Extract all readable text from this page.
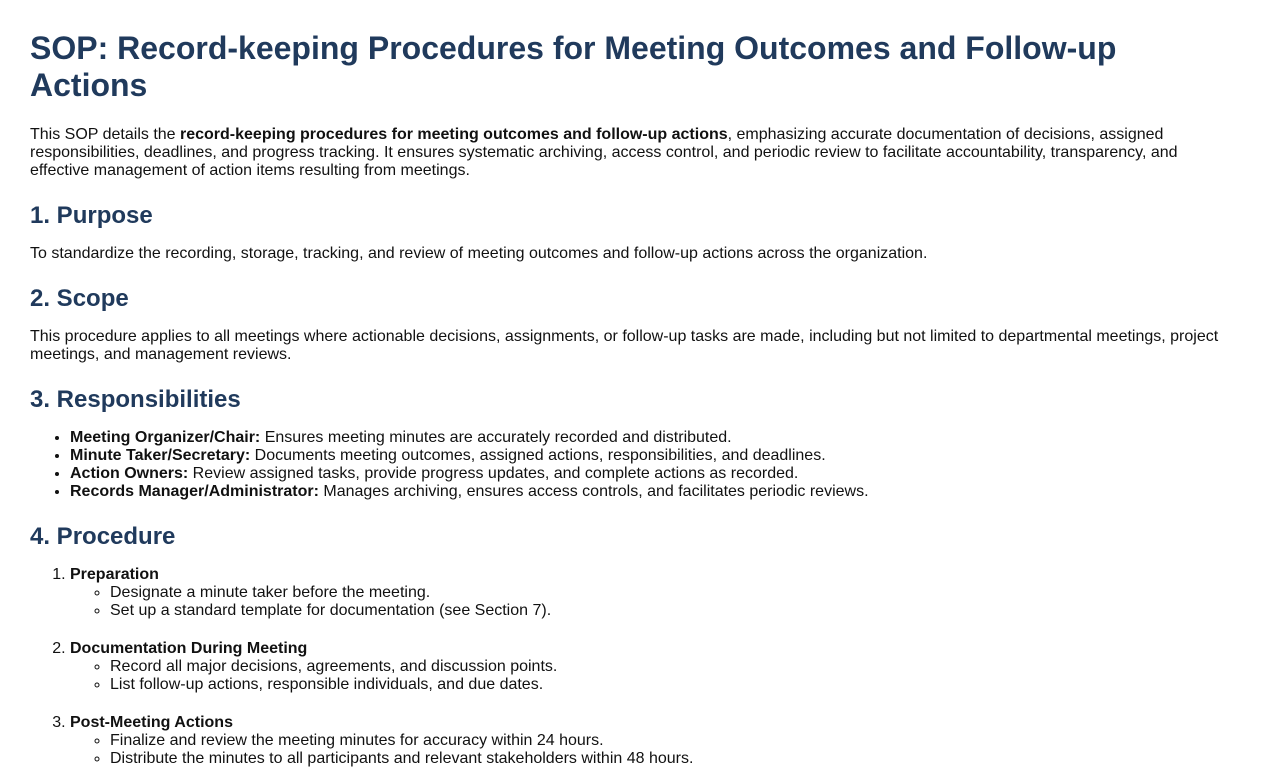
SOP: Record-keeping Procedures for Meeting Outcomes and Follow-up Actions

This SOP details the record-keeping procedures for meeting outcomes and follow-up actions, emphasizing accurate documentation of decisions, assigned responsibilities, deadlines, and progress tracking. It ensures systematic archiving, access control, and periodic review to facilitate accountability, transparency, and effective management of action items resulting from meetings.

1. Purpose

To standardize the recording, storage, tracking, and review of meeting outcomes and follow-up actions across the organization.

2. Scope

This procedure applies to all meetings where actionable decisions, assignments, or follow-up tasks are made, including but not limited to departmental meetings, project meetings, and management reviews.

3. Responsibilities
• Meeting Organizer/Chair: Ensures meeting minutes are accurately recorded and distributed.
• Minute Taker/Secretary: Documents meeting outcomes, assigned actions, responsibilities, and deadlines.
• Action Owners: Review assigned tasks, provide progress updates, and complete actions as recorded.
• Records Manager/Administrator: Manages archiving, ensures access controls, and facilitates periodic reviews.
4. Procedure
1. Preparation
◦ Designate a minute taker before the meeting.
◦ Set up a standard template for documentation (see Section 7).
2. Documentation During Meeting
◦ Record all major decisions, agreements, and discussion points.
◦ List follow-up actions, responsible individuals, and due dates.
3. Post-Meeting Actions
◦ Finalize and review the meeting minutes for accuracy within 24 hours.
◦ Distribute the minutes to all participants and relevant stakeholders within 48 hours.
